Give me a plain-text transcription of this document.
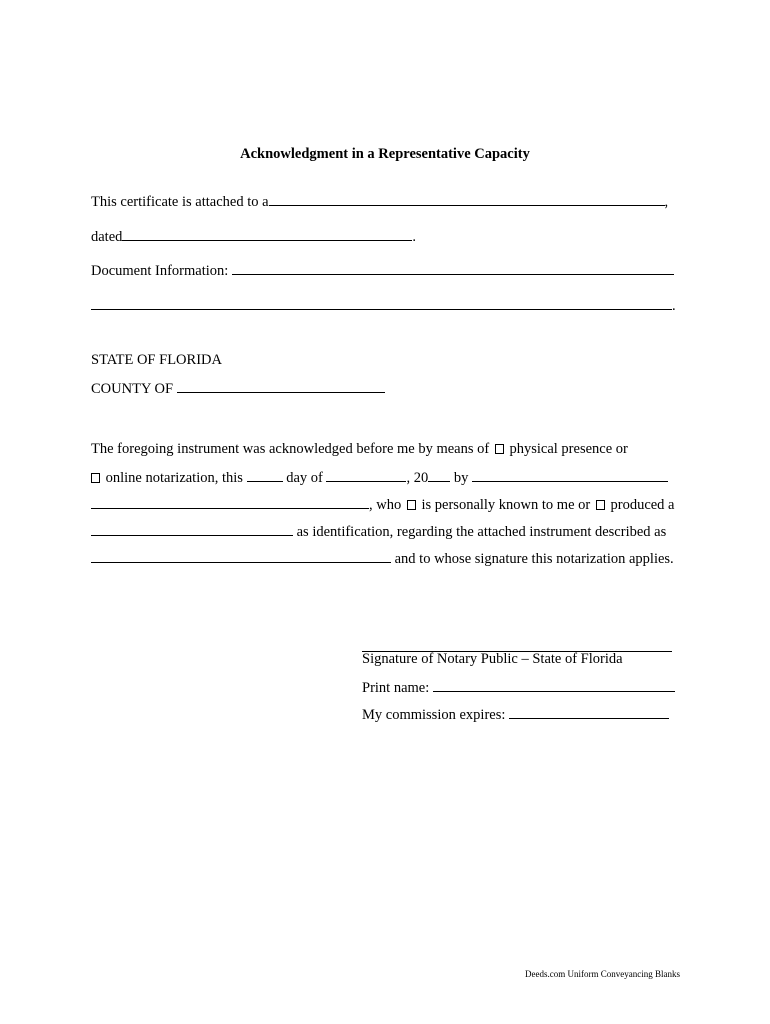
Acknowledgment in a Representative Capacity
This certificate is attached to a	,
dated	.
Document Information:
.
STATE OF FLORIDA
COUNTY OF
The foregoing instrument was acknowledged before me by means of physical presence or
online notarization, this	day of	, 20 by
, who is personally known to me or produced a
as identification, regarding the attached instrument described as
and to whose signature this notarization applies.
Signature of Notary Public – State of Florida
Print name:
My commission expires:
Deeds.com Uniform Conveyancing Blanks
